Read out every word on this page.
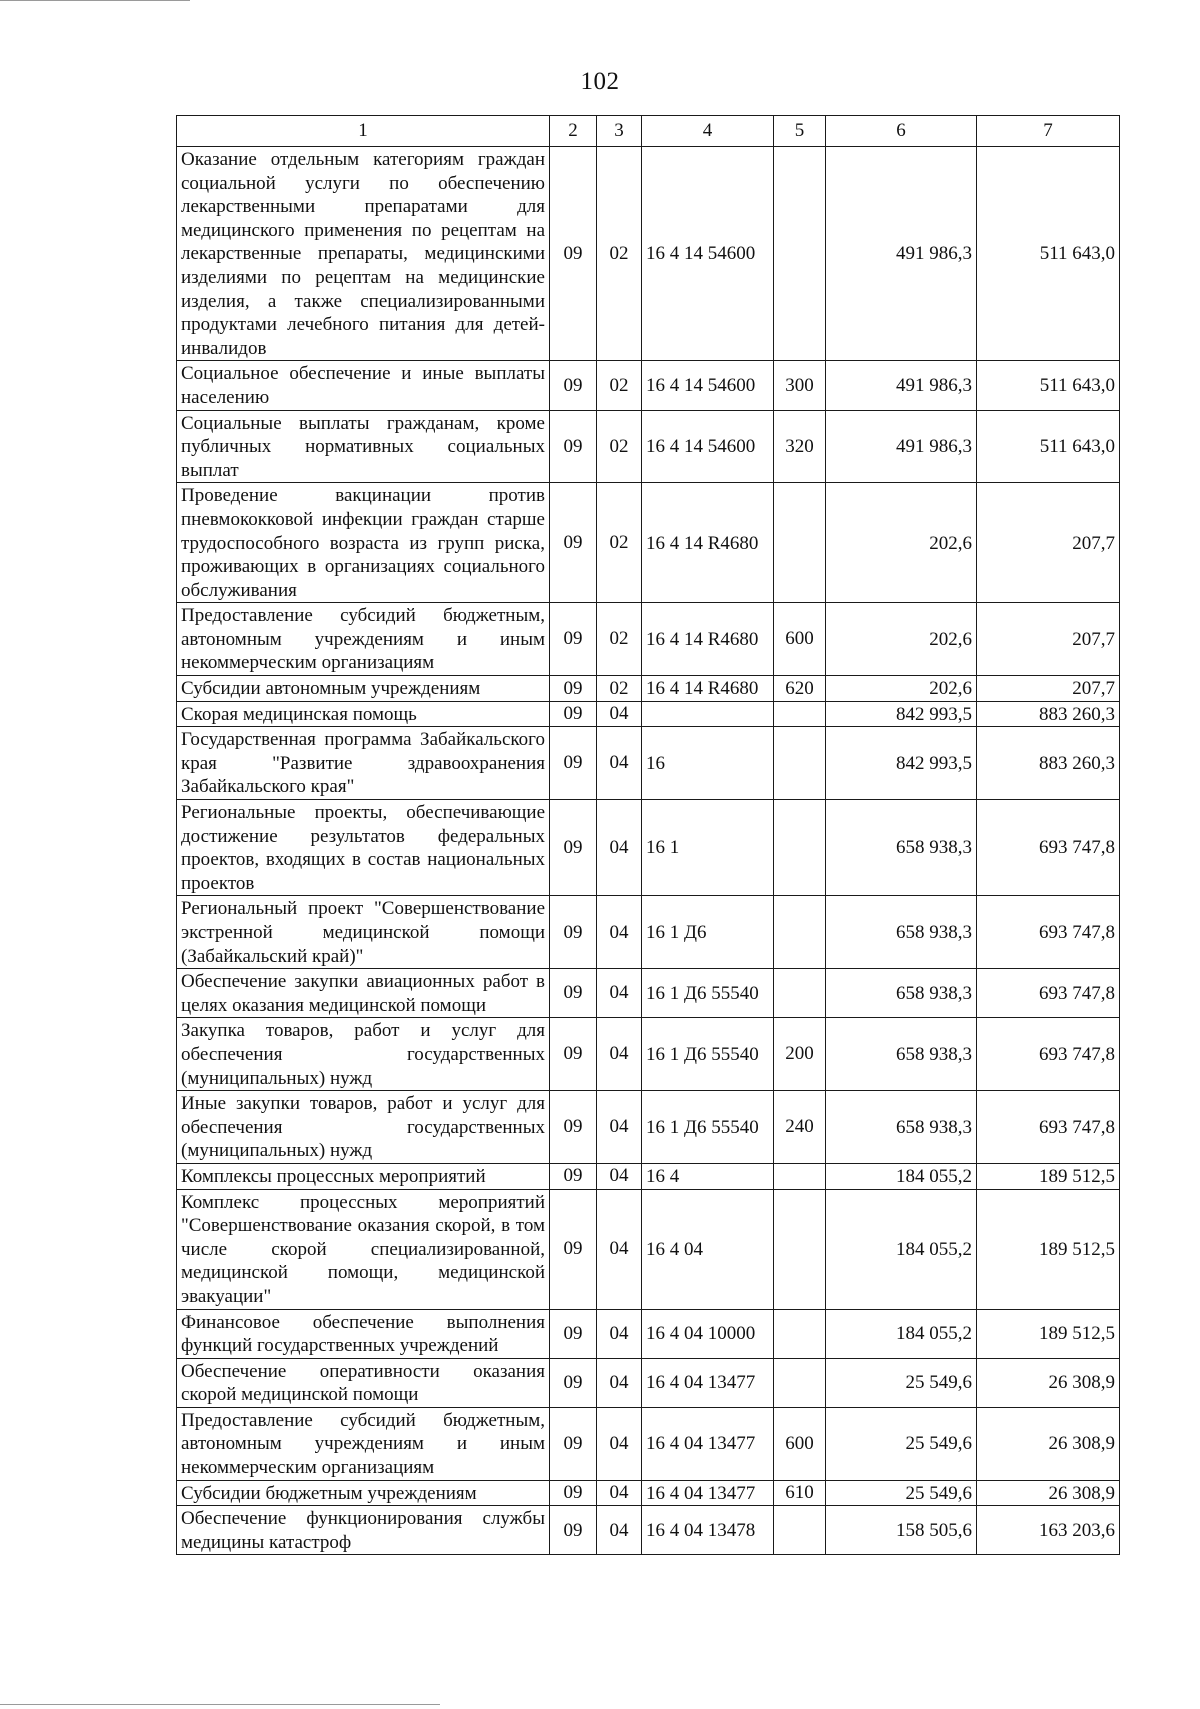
102
1	2	3	4	5	6	7
Оказание отдельным категориям граждан социальной услуги по обеспечению лекарственными препаратами для медицинского применения по рецептам на лекарственные препараты, медицинскими изделиями по рецептам на медицинские изделия, а также специализированными продуктами лечебного питания для детей-инвалидов	09	02	16 4 14 54600		491 986,3	511 643,0
Социальное обеспечение и иные выплаты населению	09	02	16 4 14 54600	300	491 986,3	511 643,0
Социальные выплаты гражданам, кроме публичных нормативных социальных выплат	09	02	16 4 14 54600	320	491 986,3	511 643,0
Проведение вакцинации против пневмококковой инфекции граждан старше трудоспособного возраста из групп риска, проживающих в организациях социального обслуживания	09	02	16 4 14 R4680		202,6	207,7
Предоставление субсидий бюджетным, автономным учреждениям и иным некоммерческим организациям	09	02	16 4 14 R4680	600	202,6	207,7
Субсидии автономным учреждениям	09	02	16 4 14 R4680	620	202,6	207,7
Скорая медицинская помощь	09	04			842 993,5	883 260,3
Государственная программа Забайкальского края "Развитие здравоохранения Забайкальского края"	09	04	16		842 993,5	883 260,3
Региональные проекты, обеспечивающие достижение результатов федеральных проектов, входящих в состав национальных проектов	09	04	16 1		658 938,3	693 747,8
Региональный проект "Совершенствование экстренной медицинской помощи (Забайкальский край)"	09	04	16 1 Д6		658 938,3	693 747,8
Обеспечение закупки авиационных работ в целях оказания медицинской помощи	09	04	16 1 Д6 55540		658 938,3	693 747,8
Закупка товаров, работ и услуг для обеспечения государственных (муниципальных) нужд	09	04	16 1 Д6 55540	200	658 938,3	693 747,8
Иные закупки товаров, работ и услуг для обеспечения государственных (муниципальных) нужд	09	04	16 1 Д6 55540	240	658 938,3	693 747,8
Комплексы процессных мероприятий	09	04	16 4		184 055,2	189 512,5
Комплекс процессных мероприятий "Совершенствование оказания скорой, в том числе скорой специализированной, медицинской помощи, медицинской эвакуации"	09	04	16 4 04		184 055,2	189 512,5
Финансовое обеспечение выполнения функций государственных учреждений	09	04	16 4 04 10000		184 055,2	189 512,5
Обеспечение оперативности оказания скорой медицинской помощи	09	04	16 4 04 13477		25 549,6	26 308,9
Предоставление субсидий бюджетным, автономным учреждениям и иным некоммерческим организациям	09	04	16 4 04 13477	600	25 549,6	26 308,9
Субсидии бюджетным учреждениям	09	04	16 4 04 13477	610	25 549,6	26 308,9
Обеспечение функционирования службы медицины катастроф	09	04	16 4 04 13478		158 505,6	163 203,6
